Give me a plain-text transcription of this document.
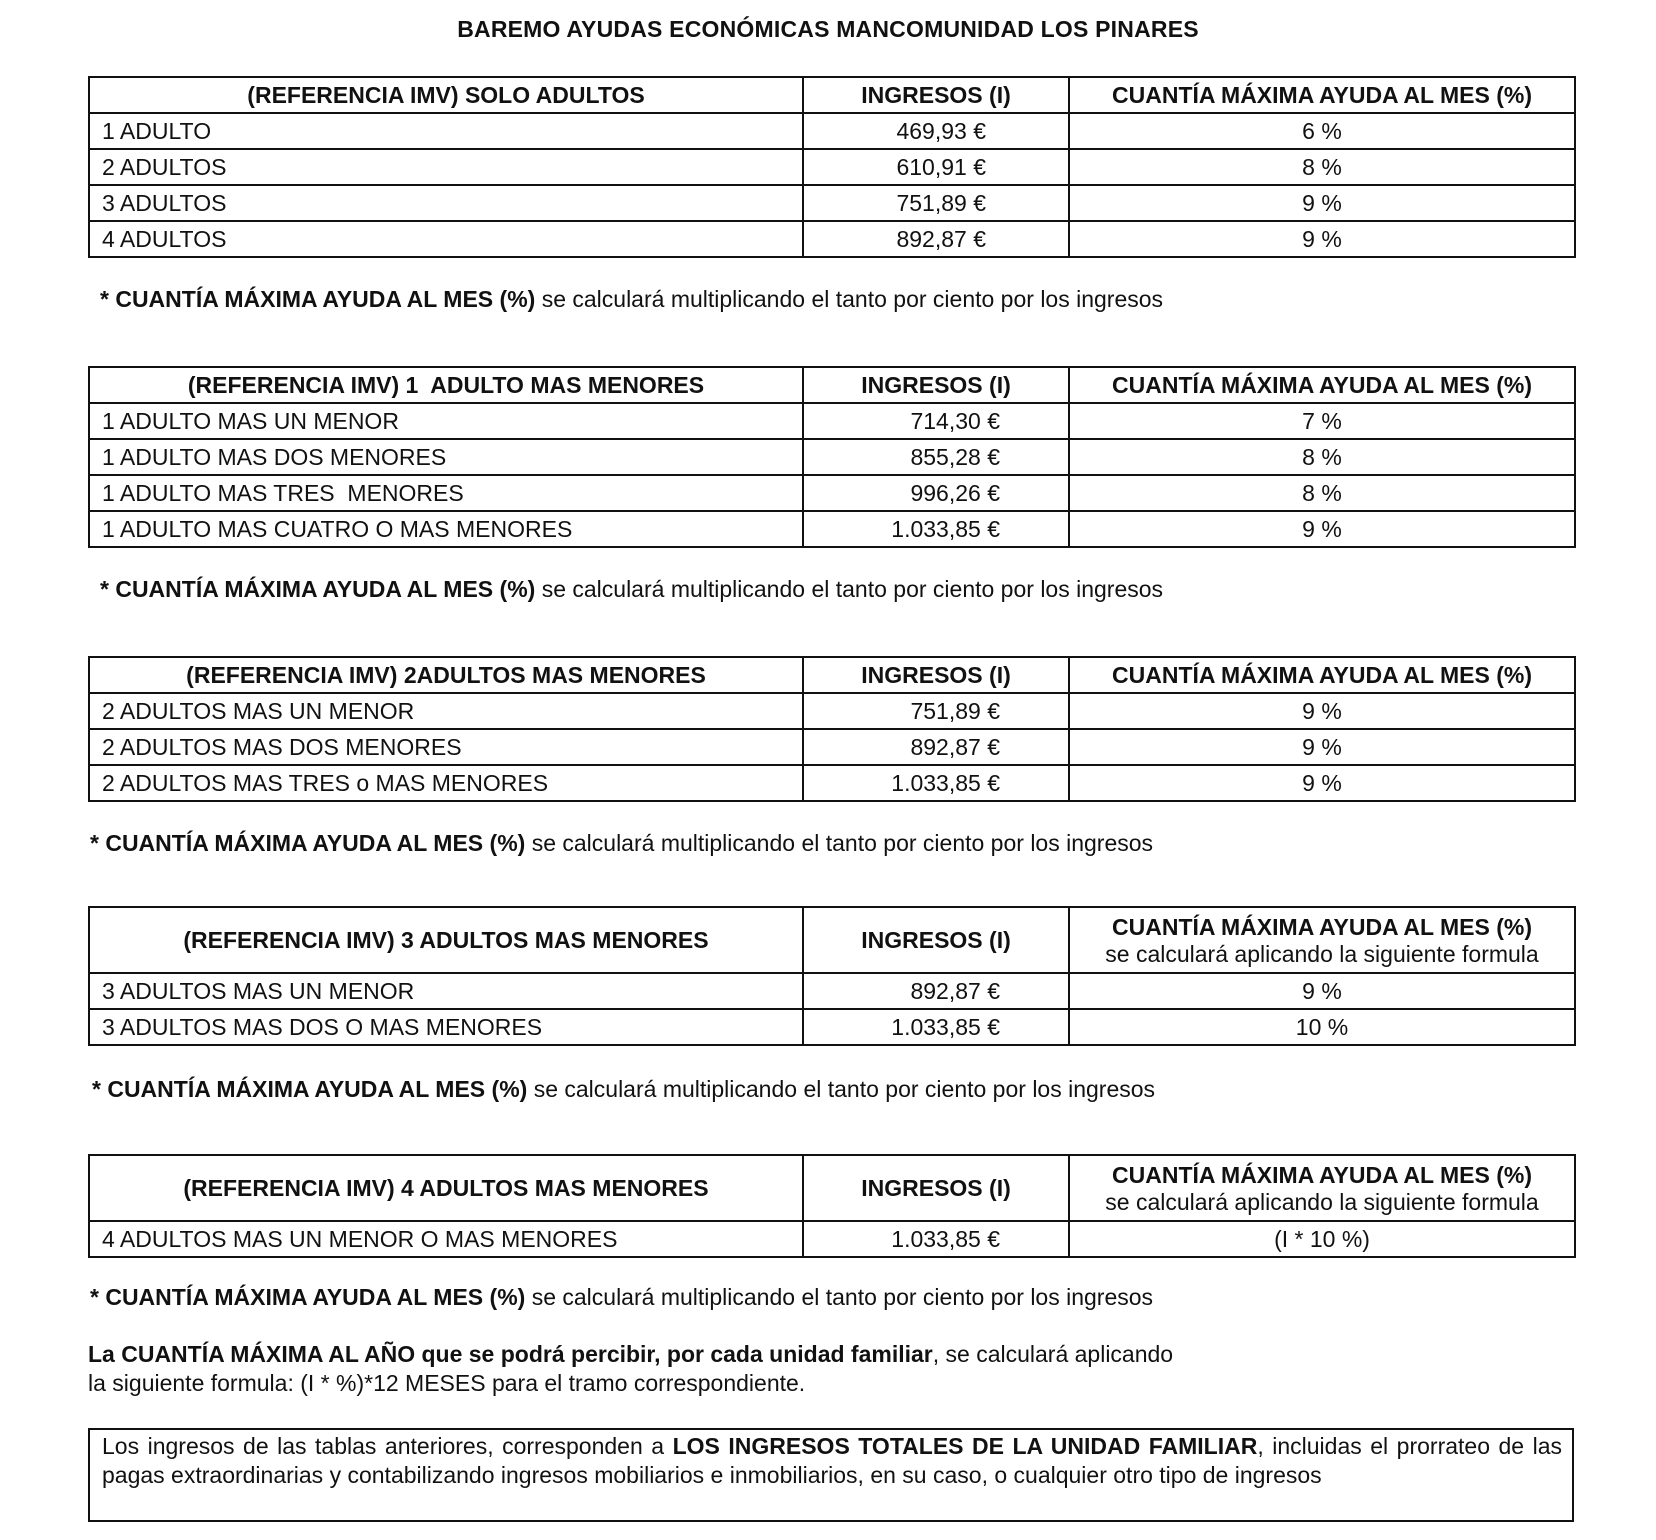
BAREMO AYUDAS ECONÓMICAS MANCOMUNIDAD LOS PINARES
(REFERENCIA IMV) SOLO ADULTOS	INGRESOS (I)	CUANTÍA MÁXIMA AYUDA AL MES (%)
1 ADULTO	469,93 €	6 %
2 ADULTOS	610,91 €	8 %
3 ADULTOS	751,89 €	9 %
4 ADULTOS	892,87 €	9 %
* CUANTÍA MÁXIMA AYUDA AL MES (%) se calculará multiplicando el tanto por ciento por los ingresos
(REFERENCIA IMV) 1  ADULTO MAS MENORES	INGRESOS (I)	CUANTÍA MÁXIMA AYUDA AL MES (%)
1 ADULTO MAS UN MENOR	714,30 €	7 %
1 ADULTO MAS DOS MENORES	855,28 €	8 %
1 ADULTO MAS TRES  MENORES	996,26 €	8 %
1 ADULTO MAS CUATRO O MAS MENORES	1.033,85 €	9 %
* CUANTÍA MÁXIMA AYUDA AL MES (%) se calculará multiplicando el tanto por ciento por los ingresos
(REFERENCIA IMV) 2ADULTOS MAS MENORES	INGRESOS (I)	CUANTÍA MÁXIMA AYUDA AL MES (%)
2 ADULTOS MAS UN MENOR	751,89 €	9 %
2 ADULTOS MAS DOS MENORES	892,87 €	9 %
2 ADULTOS MAS TRES o MAS MENORES	1.033,85 €	9 %
* CUANTÍA MÁXIMA AYUDA AL MES (%) se calculará multiplicando el tanto por ciento por los ingresos
(REFERENCIA IMV) 3 ADULTOS MAS MENORES	INGRESOS (I)	CUANTÍA MÁXIMA AYUDA AL MES (%)
se calculará aplicando la siguiente formula

3 ADULTOS MAS UN MENOR	892,87 €	9 %
3 ADULTOS MAS DOS O MAS MENORES	1.033,85 €	10 %
* CUANTÍA MÁXIMA AYUDA AL MES (%) se calculará multiplicando el tanto por ciento por los ingresos
(REFERENCIA IMV) 4 ADULTOS MAS MENORES	INGRESOS (I)	CUANTÍA MÁXIMA AYUDA AL MES (%)
se calculará aplicando la siguiente formula

4 ADULTOS MAS UN MENOR O MAS MENORES	1.033,85 €	(I * 10 %)
* CUANTÍA MÁXIMA AYUDA AL MES (%) se calculará multiplicando el tanto por ciento por los ingresos
La CUANTÍA MÁXIMA AL AÑO que se podrá percibir, por cada unidad familiar, se calculará aplicando
la siguiente formula: (I * %)*12 MESES para el tramo correspondiente.
Los ingresos de las tablas anteriores, corresponden a LOS INGRESOS TOTALES DE LA UNIDAD FAMILIAR, incluidas el prorrateo de las pagas extraordinarias y contabilizando ingresos mobiliarios e inmobiliarios, en su caso, o cualquier otro tipo de ingresos
